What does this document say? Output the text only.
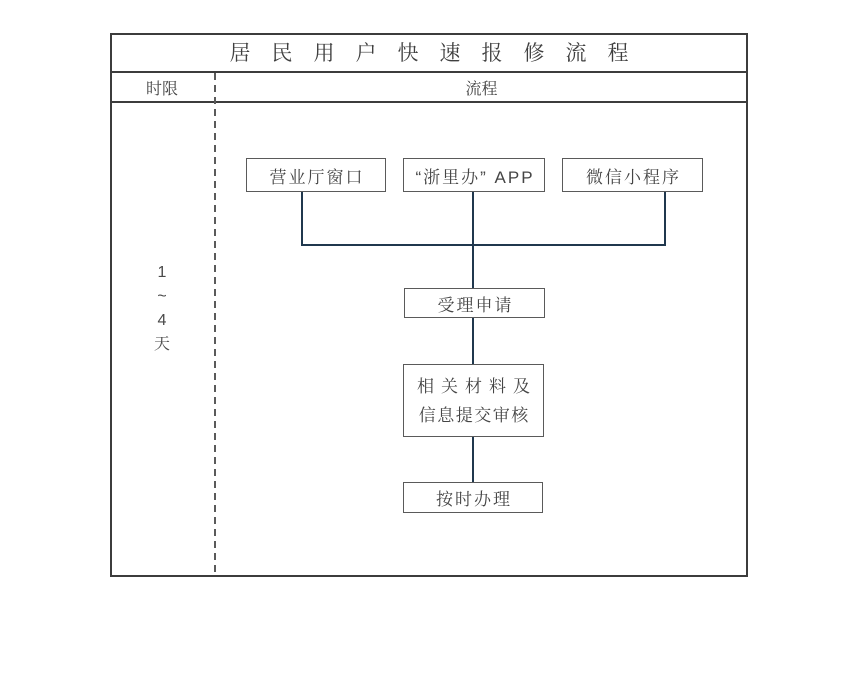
居民用户快速报修流程
时限	流程
1
~
4
天
营业厅窗口	“浙里办” APP	微信小程序
受理申请
相关材料及
信息提交审核
按时办理
